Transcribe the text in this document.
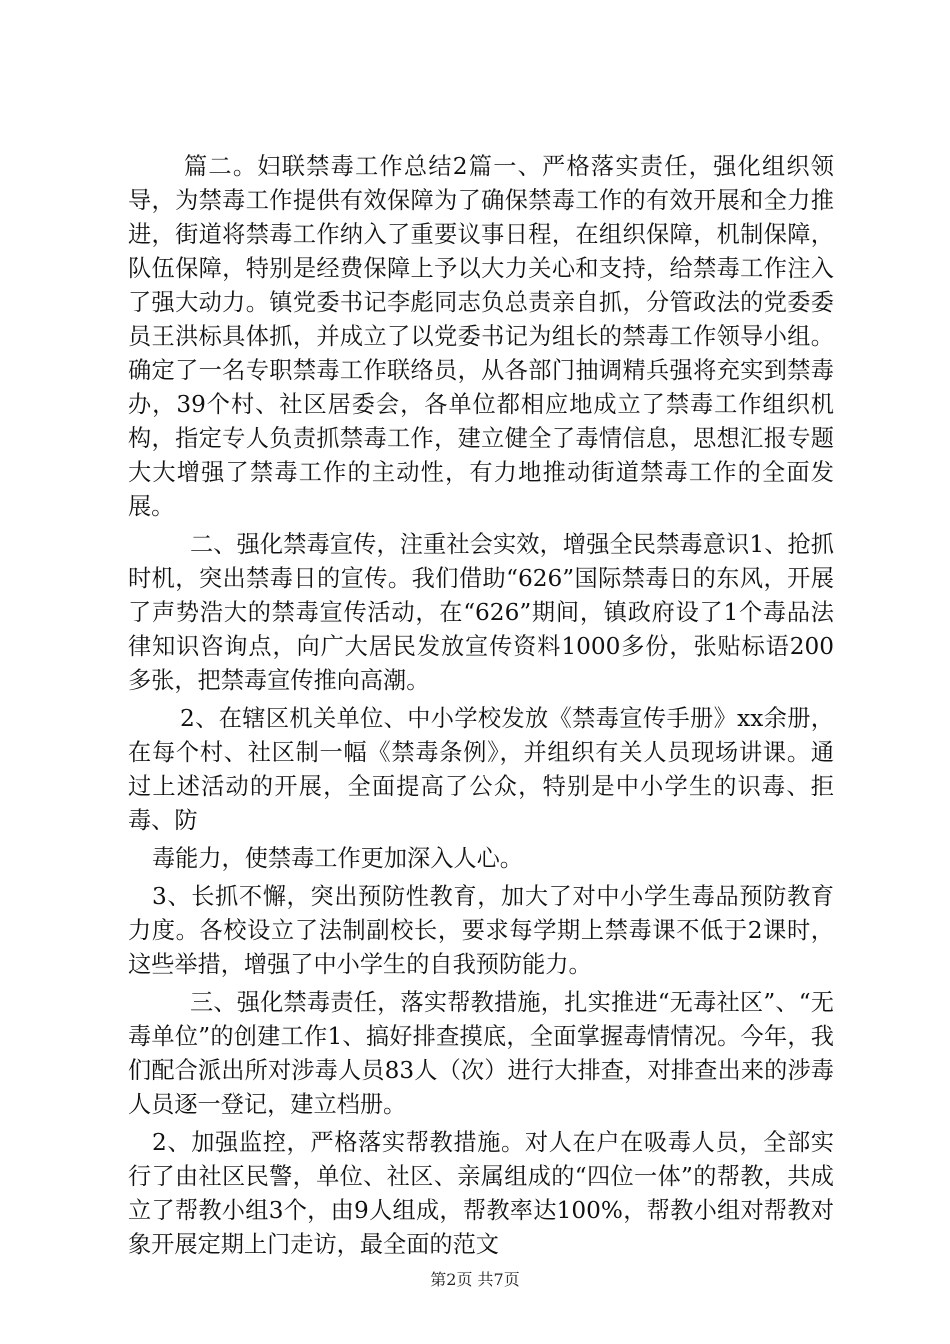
篇二。妇联禁毒工作总结2篇一、严格落实责任，强化组织领导，为禁毒工作提供有效保障为了确保禁毒工作的有效开展和全力推进，街道将禁毒工作纳入了重要议事日程，在组织保障，机制保障，队伍保障，特别是经费保障上予以大力关心和支持，给禁毒工作注入了强大动力。镇党委书记李彪同志负总责亲自抓，分管政法的党委委员王洪标具体抓，并成立了以党委书记为组长的禁毒工作领导小组。确定了一名专职禁毒工作联络员，从各部门抽调精兵强将充实到禁毒办，39个村、社区居委会，各单位都相应地成立了禁毒工作组织机构，指定专人负责抓禁毒工作，建立健全了毒情信息，思想汇报专题大大增强了禁毒工作的主动性，有力地推动街道禁毒工作的全面发展。

二、强化禁毒宣传，注重社会实效，增强全民禁毒意识1、抢抓时机，突出禁毒日的宣传。我们借助“626”国际禁毒日的东风，开展了声势浩大的禁毒宣传活动，在“626”期间，镇政府设了1个毒品法律知识咨询点，向广大居民发放宣传资料1000多份，张贴标语200多张，把禁毒宣传推向高潮。

2、在辖区机关单位、中小学校发放《禁毒宣传手册》xx余册，在每个村、社区制一幅《禁毒条例》，并组织有关人员现场讲课。通过上述活动的开展，全面提高了公众，特别是中小学生的识毒、拒毒、防

毒能力，使禁毒工作更加深入人心。

3、长抓不懈，突出预防性教育，加大了对中小学生毒品预防教育力度。各校设立了法制副校长，要求每学期上禁毒课不低于2课时，这些举措，增强了中小学生的自我预防能力。

三、强化禁毒责任，落实帮教措施，扎实推进“无毒社区”、“无毒单位”的创建工作1、搞好排查摸底，全面掌握毒情情况。今年，我们配合派出所对涉毒人员83人（次）进行大排查，对排查出来的涉毒人员逐一登记，建立档册。

2、加强监控，严格落实帮教措施。对人在户在吸毒人员，全部实行了由社区民警，单位、社区、亲属组成的“四位一体”的帮教，共成立了帮教小组3个，由9人组成，帮教率达100%，帮教小组对帮教对象开展定期上门走访，最全面的范文

第2页 共7页
